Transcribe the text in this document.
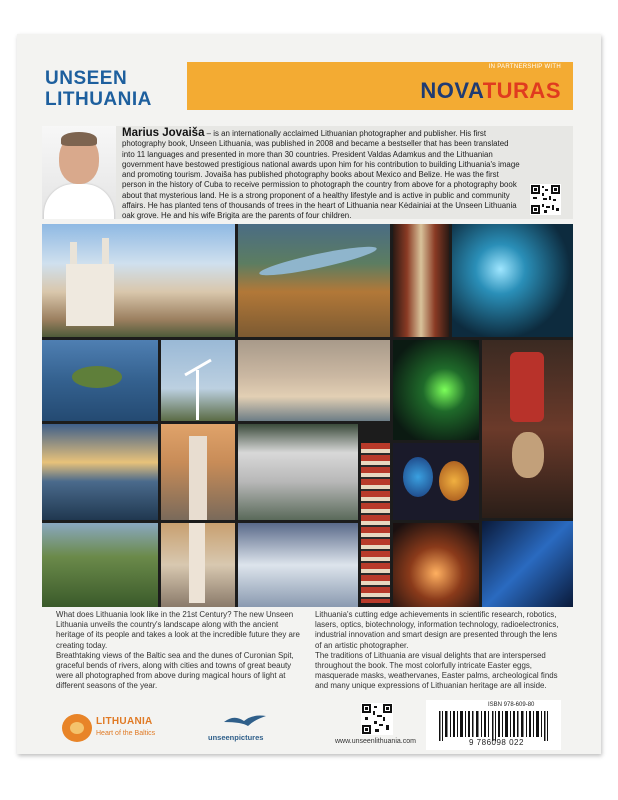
UNSEEN
LITHUANIA
IN PARTNERSHIP WITH
NOVATURAS
Marius Jovaiša – is an internationally acclaimed Lithuanian photographer and publisher. His first photography book, Unseen Lithuania, was published in 2008 and became a bestseller that has been translated into 11 languages and presented in more than 30 countries. President Valdas Adamkus and the Lithuanian government have bestowed prestigious national awards upon him for his contribution to building Lithuania's image and promoting tourism. Jovaiša has published photography books about Mexico and Belize. He was the first person in the history of Cuba to receive permission to photograph the country from above for a photography book about that mysterious land. He is a strong proponent of a healthy lifestyle and is active in public and community affairs. He has planted tens of thousands of trees in the heart of Lithuania near Kėdainiai at the Unseen Lithuania oak grove. He and his wife Brigita are the parents of four children.
What does Lithuania look like in the 21st Century? The new Unseen Lithuania unveils the country's landscape along with the ancient heritage of its people and takes a look at the incredible future they are creating today.
Breathtaking views of the Baltic sea and the dunes of Curonian Spit, graceful bends of rivers, along with cities and towns of great beauty were all photographed from above during magical hours of light at different seasons of the year.
Lithuania's cutting edge achievements in scientific research, robotics, lasers, optics, biotechnology, information technology, radioelectronics, industrial innovation and smart design are presented through the lens of an artistic photographer.
The traditions of Lithuania are visual delights that are interspersed throughout the book. The most colorfully intricate Easter eggs, masquerade masks, weathervanes, Easter palms, archeological finds and many unique expressions of Lithuanian heritage are all inside.
LITHUANIA
Heart of the Baltics	unseenpictures	www.unseenlithuania.com
ISBN 978-609-80
9 786098 022
